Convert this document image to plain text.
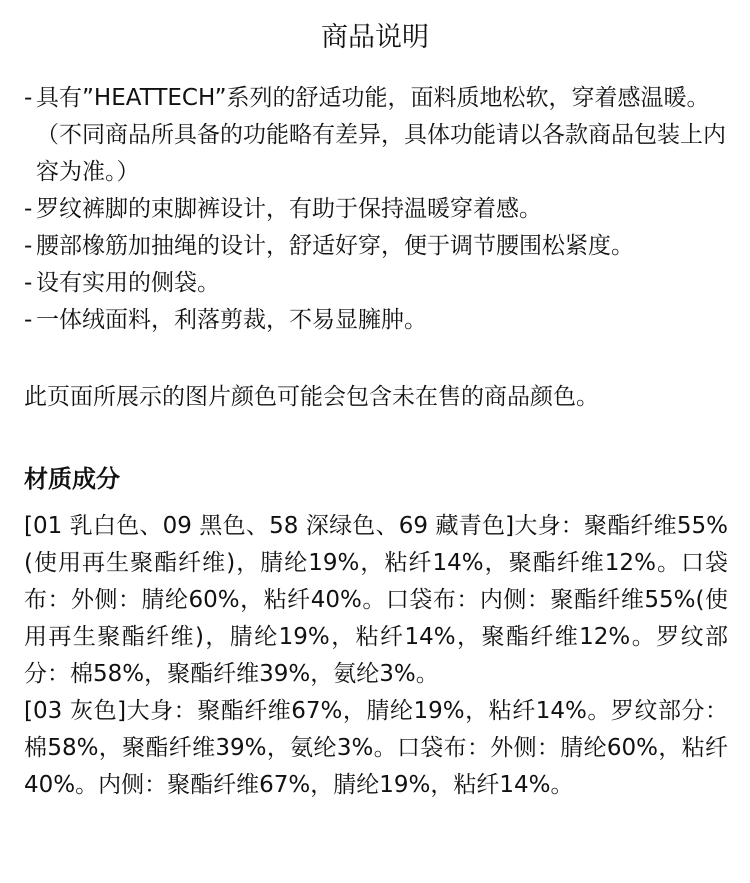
商品说明
- 具有”HEATTECH”系列的舒适功能，面料质地松软，穿着感温暖。（不同商品所具备的功能略有差异，具体功能请以各款商品包装上内容为准。）
- 罗纹裤脚的束脚裤设计，有助于保持温暖穿着感。
- 腰部橡筋加抽绳的设计，舒适好穿，便于调节腰围松紧度。
- 设有实用的侧袋。
- 一体绒面料，利落剪裁，不易显臃肿。

此页面所展示的图片颜色可能会包含未在售的商品颜色。

材质成分

[01 乳白色、09 黑色、58 深绿色、69 藏青色]大身：聚酯纤维55%(使用再生聚酯纤维)，腈纶19%，粘纤14%，聚酯纤维12%。口袋布：外侧：腈纶60%，粘纤40%。口袋布：内侧：聚酯纤维55%(使用再生聚酯纤维)，腈纶19%，粘纤14%，聚酯纤维12%。罗纹部分：棉58%，聚酯纤维39%，氨纶3%。

[03 灰色]大身：聚酯纤维67%，腈纶19%，粘纤14%。罗纹部分：棉58%，聚酯纤维39%，氨纶3%。口袋布：外侧：腈纶60%，粘纤40%。内侧：聚酯纤维67%，腈纶19%，粘纤14%。
